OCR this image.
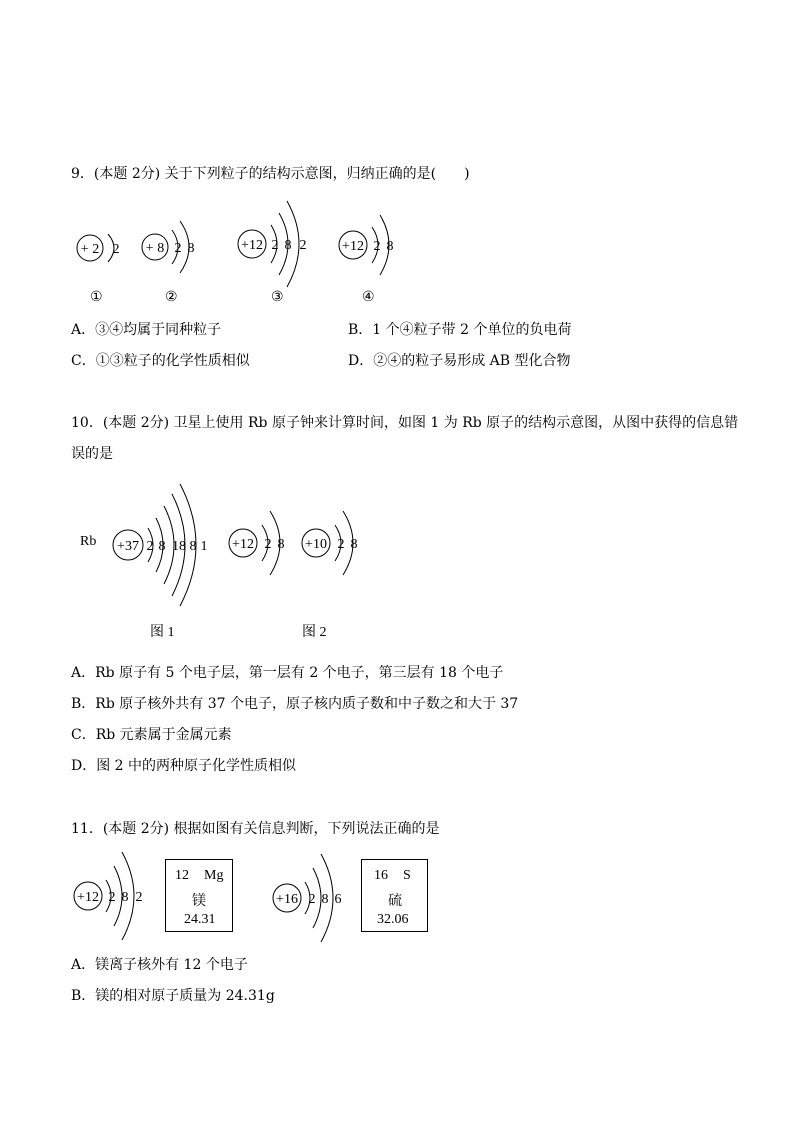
9．(本题 2分) 关于下列粒子的结构示意图，归纳正确的是(　　)
+ 2 2 + 8 2 8	+12 2 8 2	+12 2 8
①	②	③	④
A．③④均属于同种粒子	B．1 个④粒子带 2 个单位的负电荷
C．①③粒子的化学性质相似	D．②④的粒子易形成 AB 型化合物
10．(本题 2分) 卫星上使用 Rb 原子钟来计算时间，如图 1 为 Rb 原子的结构示意图，从图中获得的信息错
误的是
Rb +37 2 8 18 8 1 +12 2 8 +10 2 8
图 1	图 2
A．Rb 原子有 5 个电子层，第一层有 2 个电子，第三层有 18 个电子
B．Rb 原子核外共有 37 个电子，原子核内质子数和中子数之和大于 37
C．Rb 元素属于金属元素
D．图 2 中的两种原子化学性质相似
11．(本题 2分) 根据如图有关信息判断，下列说法正确的是
+12 2 8 2
12 Mg
镁
24.31
+16 2 8 6
16 S
硫
32.06
A．镁离子核外有 12 个电子
B．镁的相对原子质量为 24.31g
